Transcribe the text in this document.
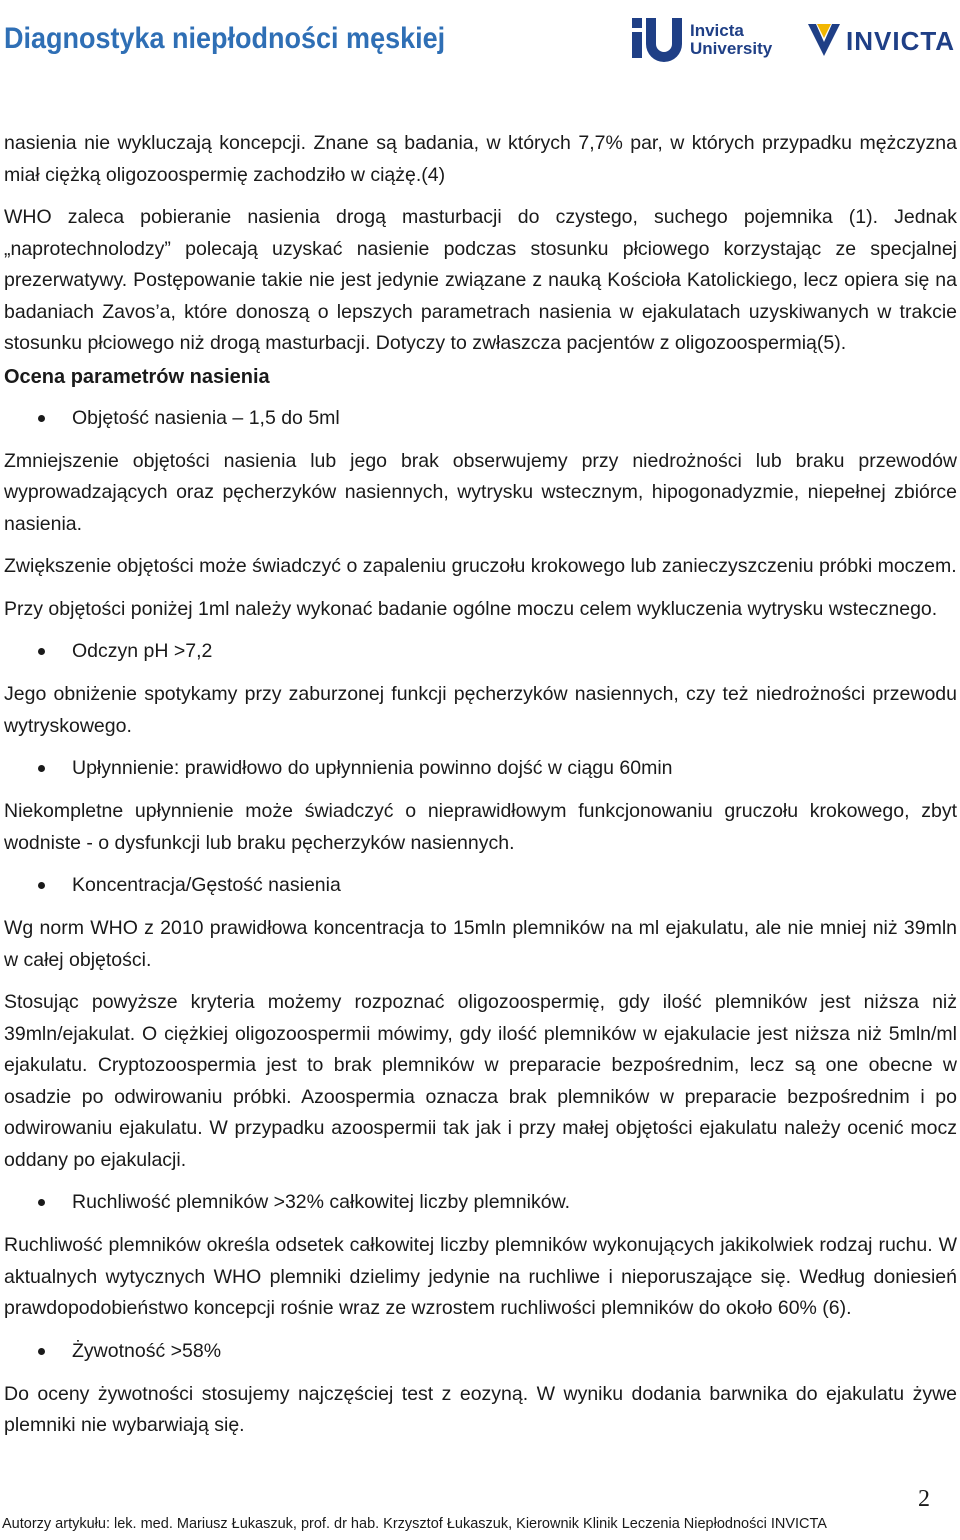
Diagnostyka niepłodności męskiej	Invicta University	INVICTA

nasienia nie wykluczają koncepcji. Znane są badania, w których 7,7% par, w których przypadku mężczyzna miał ciężką oligozoospermię zachodziło w ciążę.(4)

WHO zaleca pobieranie nasienia drogą masturbacji do czystego, suchego pojemnika (1). Jednak „naprotechnolodzy” polecają uzyskać nasienie podczas stosunku płciowego korzystając ze specjalnej prezerwatywy. Postępowanie takie nie jest jedynie związane z nauką Kościoła Katolickiego, lecz opiera się na badaniach Zavos’a, które donoszą o lepszych parametrach nasienia w ejakulatach uzyskiwanych w trakcie stosunku płciowego niż drogą masturbacji. Dotyczy to zwłaszcza pacjentów z oligozoospermią(5).

Ocena parametrów nasienia
Objętość nasienia – 1,5 do 5ml

Zmniejszenie objętości nasienia lub jego brak obserwujemy przy niedrożności lub braku przewodów wyprowadzających oraz pęcherzyków nasiennych, wytrysku wstecznym, hipogonadyzmie, niepełnej zbiórce nasienia.

Zwiększenie objętości może świadczyć o zapaleniu gruczołu krokowego lub zanieczyszczeniu próbki moczem.

Przy objętości poniżej 1ml należy wykonać badanie ogólne moczu celem wykluczenia wytrysku wstecznego.

Odczyn pH >7,2

Jego obniżenie spotykamy przy zaburzonej funkcji pęcherzyków nasiennych, czy też niedrożności przewodu wytryskowego.

Upłynnienie: prawidłowo do upłynnienia powinno dojść w ciągu 60min

Niekompletne upłynnienie może świadczyć o nieprawidłowym funkcjonowaniu gruczołu krokowego, zbyt wodniste - o dysfunkcji lub braku pęcherzyków nasiennych.

Koncentracja/Gęstość nasienia

Wg norm WHO z 2010 prawidłowa koncentracja to 15mln plemników na ml ejakulatu, ale nie mniej niż 39mln w całej objętości.

Stosując powyższe kryteria możemy rozpoznać oligozoospermię, gdy ilość plemników jest niższa niż 39mln/ejakulat. O ciężkiej oligozoospermii mówimy, gdy ilość plemników w ejakulacie jest niższa niż 5mln/ml ejakulatu. Cryptozoospermia jest to brak plemników w preparacie bezpośrednim, lecz są one obecne w osadzie po odwirowaniu próbki. Azoospermia oznacza brak plemników w preparacie bezpośrednim i po odwirowaniu ejakulatu. W przypadku azoospermii tak jak i przy małej objętości ejakulatu należy ocenić mocz oddany po ejakulacji.

Ruchliwość plemników >32% całkowitej liczby plemników.

Ruchliwość plemników określa odsetek całkowitej liczby plemników wykonujących jakikolwiek rodzaj ruchu. W aktualnych wytycznych WHO plemniki dzielimy jedynie na ruchliwe i nieporuszające się. Według doniesień prawdopodobieństwo koncepcji rośnie wraz ze wzrostem ruchliwości plemników do około 60% (6).

Żywotność >58%

Do oceny żywotności stosujemy najczęściej test z eozyną. W wyniku dodania barwnika do ejakulatu żywe plemniki nie wybarwiają się.

2
Autorzy artykułu: lek. med. Mariusz Łukaszuk, prof. dr hab. Krzysztof Łukaszuk, Kierownik Klinik Leczenia Niepłodności INVICTA
